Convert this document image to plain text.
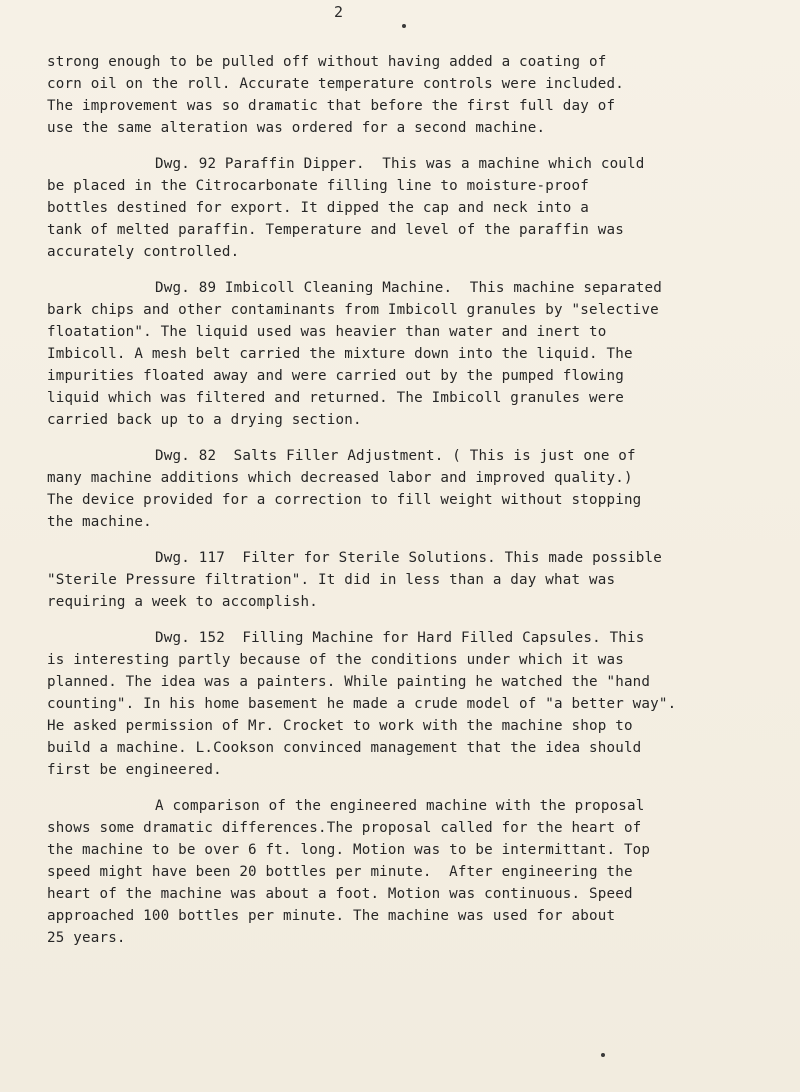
2
strong enough to be pulled off without having added a coating of
corn oil on the roll. Accurate temperature controls were included.
The improvement was so dramatic that before the first full day of
use the same alteration was ordered for a second machine.
Dwg. 92 Paraffin Dipper.  This was a machine which could
be placed in the Citrocarbonate filling line to moisture-proof
bottles destined for export. It dipped the cap and neck into a
tank of melted paraffin. Temperature and level of the paraffin was
accurately controlled.
Dwg. 89 Imbicoll Cleaning Machine.  This machine separated
bark chips and other contaminants from Imbicoll granules by "selective
floatation". The liquid used was heavier than water and inert to
Imbicoll. A mesh belt carried the mixture down into the liquid. The
impurities floated away and were carried out by the pumped flowing
liquid which was filtered and returned. The Imbicoll granules were
carried back up to a drying section.
Dwg. 82  Salts Filler Adjustment. ( This is just one of
many machine additions which decreased labor and improved quality.)
The device provided for a correction to fill weight without stopping
the machine.
Dwg. 117  Filter for Sterile Solutions. This made possible
"Sterile Pressure filtration". It did in less than a day what was
requiring a week to accomplish.
Dwg. 152  Filling Machine for Hard Filled Capsules. This
is interesting partly because of the conditions under which it was
planned. The idea was a painters. While painting he watched the "hand
counting". In his home basement he made a crude model of "a better way".
He asked permission of Mr. Crocket to work with the machine shop to
build a machine. L.Cookson convinced management that the idea should
first be engineered.
A comparison of the engineered machine with the proposal
shows some dramatic differences.The proposal called for the heart of
the machine to be over 6 ft. long. Motion was to be intermittant. Top
speed might have been 20 bottles per minute.  After engineering the
heart of the machine was about a foot. Motion was continuous. Speed
approached 100 bottles per minute. The machine was used for about
25 years.
